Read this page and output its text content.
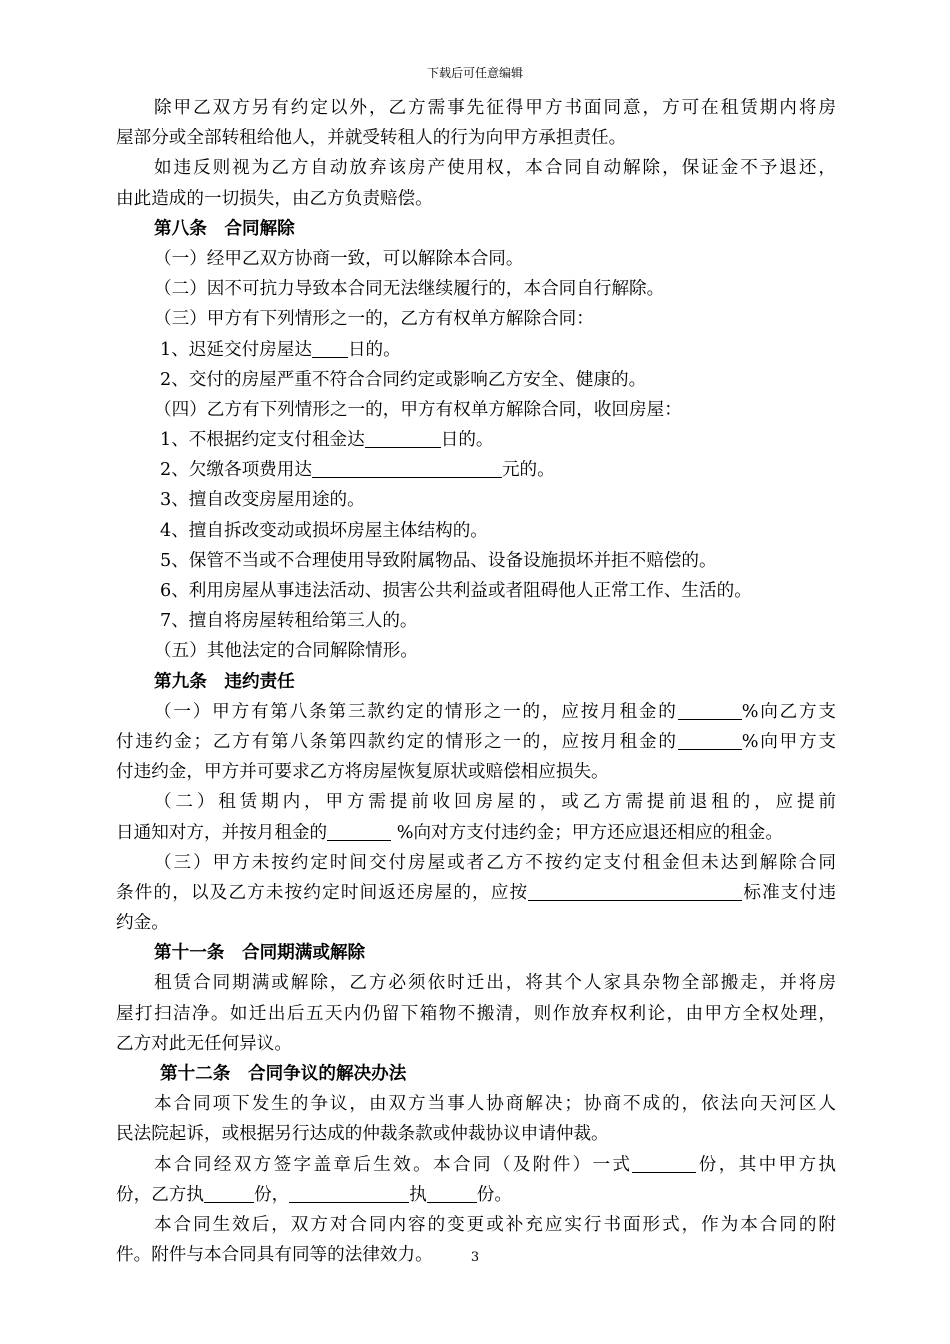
下载后可任意编辑
除甲乙双方另有约定以外，乙方需事先征得甲方书面同意，方可在租赁期内将房
屋部分或全部转租给他人，并就受转租人的行为向甲方承担责任。
如违反则视为乙方自动放弃该房产使用权，本合同自动解除，保证金不予退还，
由此造成的一切损失，由乙方负责赔偿。
第八条　合同解除
（一）经甲乙双方协商一致，可以解除本合同。
（二）因不可抗力导致本合同无法继续履行的，本合同自行解除。
（三）甲方有下列情形之一的，乙方有权单方解除合同：
1、迟延交付房屋达 日的。
2、交付的房屋严重不符合合同约定或影响乙方安全、健康的。
（四）乙方有下列情形之一的，甲方有权单方解除合同，收回房屋：
1、不根据约定支付租金达	日的。
2、欠缴各项费用达	元的。
3、擅自改变房屋用途的。
4、擅自拆改变动或损坏房屋主体结构的。
5、保管不当或不合理使用导致附属物品、设备设施损坏并拒不赔偿的。
6、利用房屋从事违法活动、损害公共利益或者阻碍他人正常工作、生活的。
7、擅自将房屋转租给第三人的。
（五）其他法定的合同解除情形。
第九条　违约责任
（一）甲方有第八条第三款约定的情形之一的，应按月租金的	%向乙方支
付违约金；乙方有第八条第四款约定的情形之一的，应按月租金的	%向甲方支
付违约金，甲方并可要求乙方将房屋恢复原状或赔偿相应损失。
（二）租赁期内，甲方需提前收回房屋的，或乙方需提前退租的，应提前
日通知对方，并按月租金的	%向对方支付违约金；甲方还应退还相应的租金。
（三）甲方未按约定时间交付房屋或者乙方不按约定支付租金但未达到解除合同
条件的，以及乙方未按约定时间返还房屋的，应按	标准支付违
约金。
第十一条　合同期满或解除
租赁合同期满或解除，乙方必须依时迁出，将其个人家具杂物全部搬走，并将房
屋打扫洁净。如迁出后五天内仍留下箱物不搬清，则作放弃权利论，由甲方全权处理，
乙方对此无任何异议。
第十二条　合同争议的解决办法
本合同项下发生的争议，由双方当事人协商解决；协商不成的，依法向天河区人
民法院起诉，或根据另行达成的仲裁条款或仲裁协议申请仲裁。
本合同经双方签字盖章后生效。本合同（及附件）一式	份，其中甲方执
份，乙方执	份，	执	份。
本合同生效后，双方对合同内容的变更或补充应实行书面形式，作为本合同的附
件。附件与本合同具有同等的法律效力。	3
